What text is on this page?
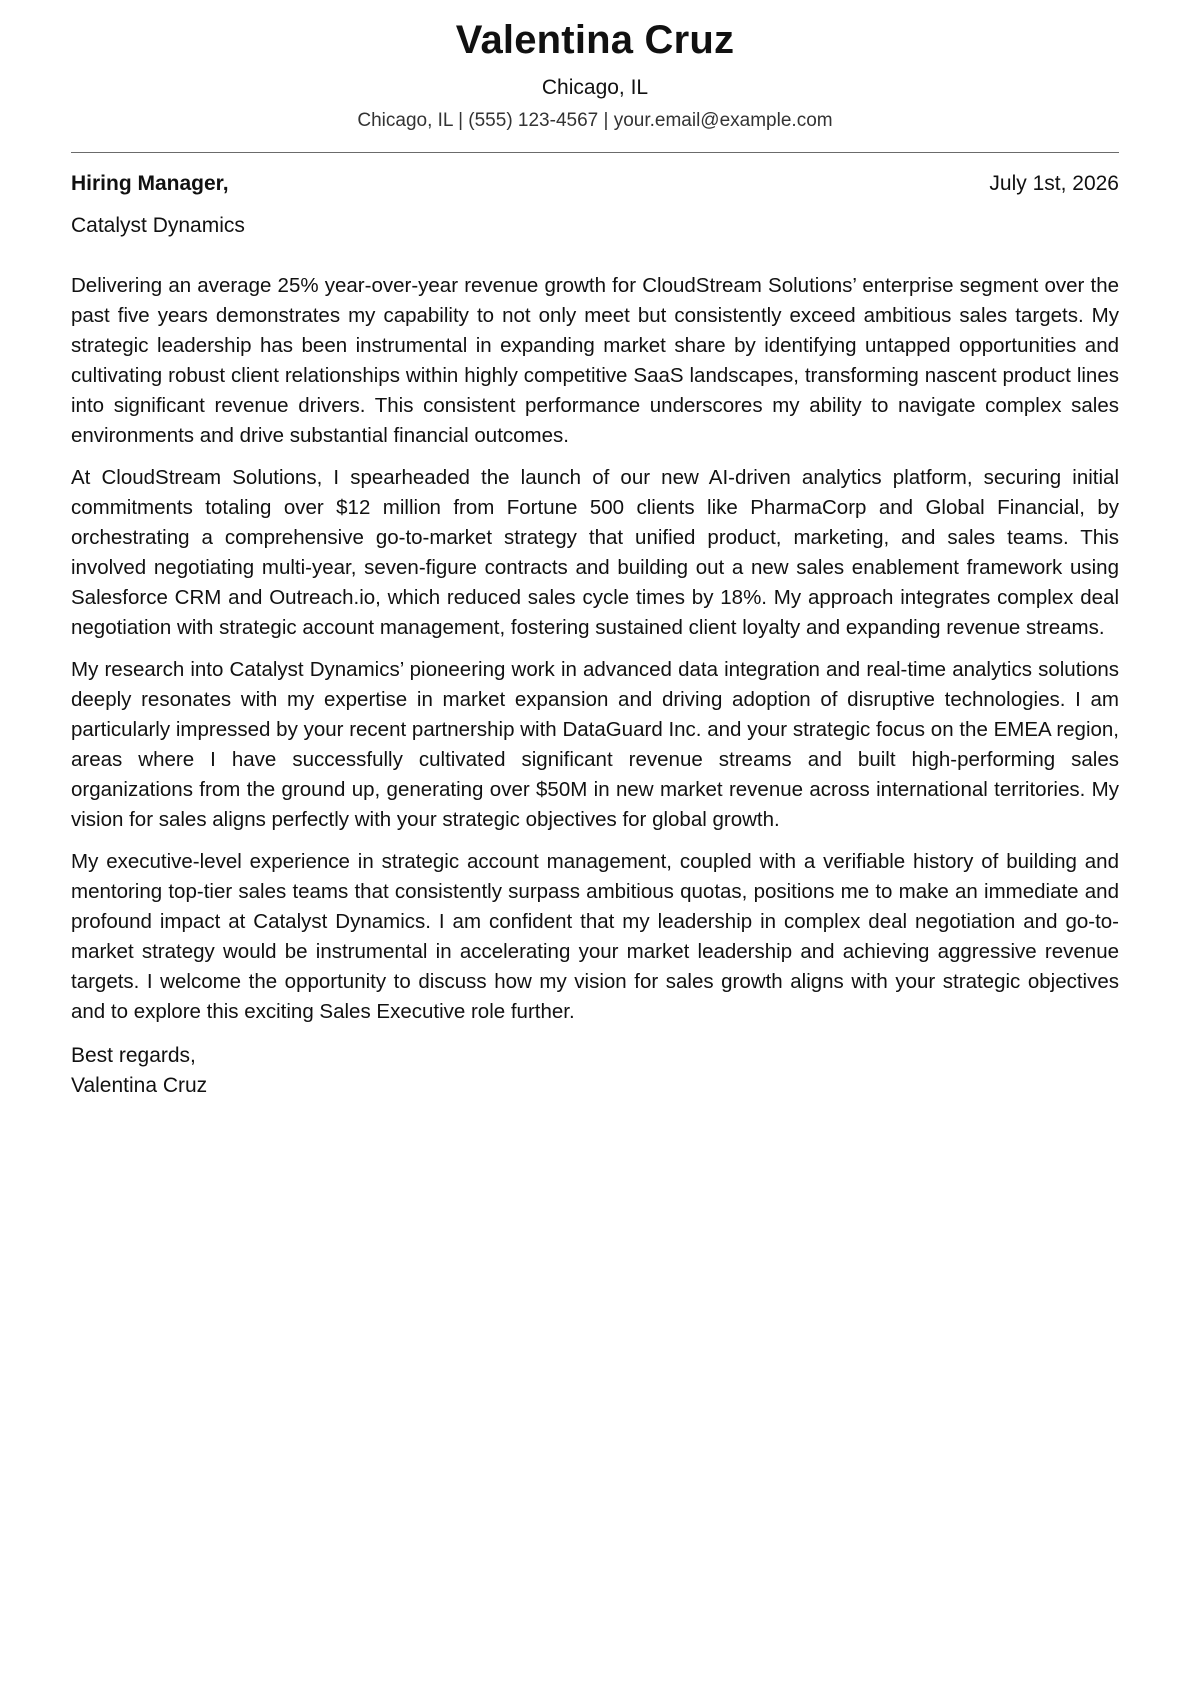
Valentina Cruz
Chicago, IL
Chicago, IL | (555) 123-4567 | your.email@example.com
Hiring Manager,	July 1st, 2026
Catalyst Dynamics

Delivering an average 25% year-over-year revenue growth for CloudStream Solutions’ enterprise segment over the past five years demonstrates my capability to not only meet but consistently exceed ambitious sales targets. My strategic leadership has been instrumental in expanding market share by identifying untapped opportunities and cultivating robust client relationships within highly competitive SaaS landscapes, transforming nascent product lines into significant revenue drivers. This consistent performance underscores my ability to navigate complex sales environments and drive substantial financial outcomes.

At CloudStream Solutions, I spearheaded the launch of our new AI-driven analytics platform, securing initial commitments totaling over $12 million from Fortune 500 clients like PharmaCorp and Global Financial, by orchestrating a comprehensive go-to-market strategy that unified product, marketing, and sales teams. This involved negotiating multi-year, seven-figure contracts and building out a new sales enablement framework using Salesforce CRM and Outreach.io, which reduced sales cycle times by 18%. My approach integrates complex deal negotiation with strategic account management, fostering sustained client loyalty and expanding revenue streams.

My research into Catalyst Dynamics’ pioneering work in advanced data integration and real-time analytics solutions deeply resonates with my expertise in market expansion and driving adoption of disruptive technologies. I am particularly impressed by your recent partnership with DataGuard Inc. and your strategic focus on the EMEA region, areas where I have successfully cultivated significant revenue streams and built high-performing sales organizations from the ground up, generating over $50M in new market revenue across international territories. My vision for sales aligns perfectly with your strategic objectives for global growth.

My executive-level experience in strategic account management, coupled with a verifiable history of building and mentoring top-tier sales teams that consistently surpass ambitious quotas, positions me to make an immediate and profound impact at Catalyst Dynamics. I am confident that my leadership in complex deal negotiation and go-to-market strategy would be instrumental in accelerating your market leadership and achieving aggressive revenue targets. I welcome the opportunity to discuss how my vision for sales growth aligns with your strategic objectives and to explore this exciting Sales Executive role further.

Best regards,
Valentina Cruz
